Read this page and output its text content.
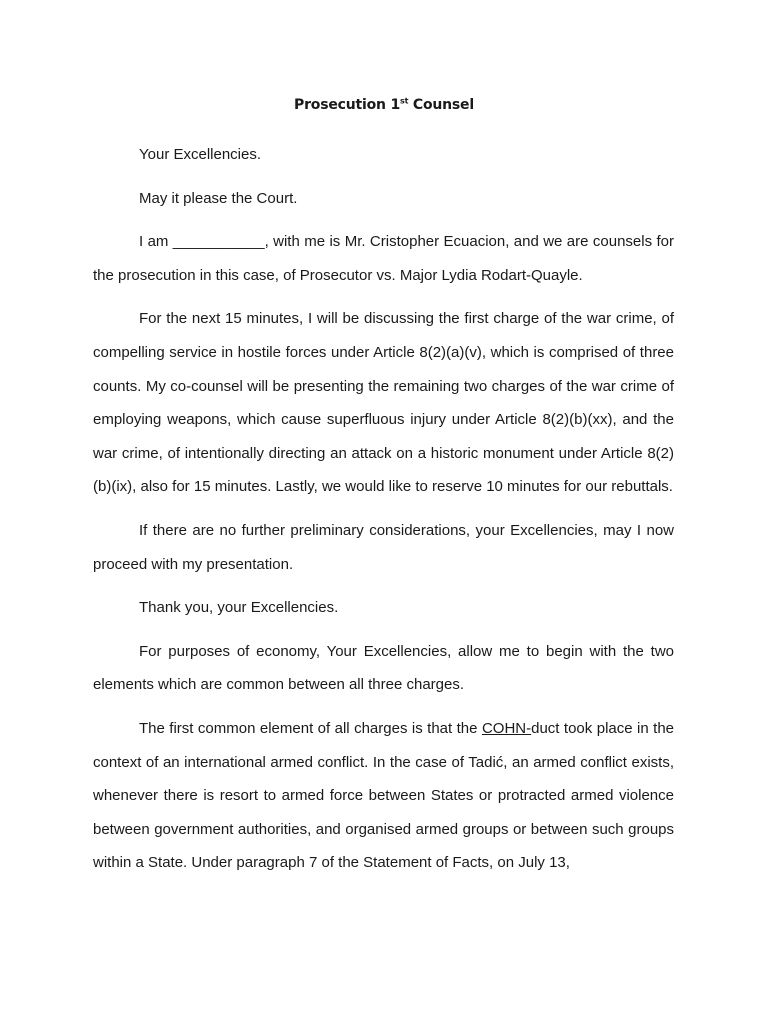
Prosecution 1st Counsel

Your Excellencies.

May it please the Court.

I am ___________, with me is Mr. Cristopher Ecuacion, and we are counsels for the prosecution in this case, of Prosecutor vs. Major Lydia Rodart-Quayle.

For the next 15 minutes, I will be discussing the first charge of the war crime, of compelling service in hostile forces under Article 8(2)(a)(v), which is comprised of three counts. My co-counsel will be presenting the remaining two charges of the war crime of employing weapons, which cause superfluous injury under Article 8(2)(b)(xx), and the war crime, of intentionally directing an attack on a historic monument under Article 8(2)(b)(ix), also for 15 minutes. Lastly, we would like to reserve 10 minutes for our rebuttals.

If there are no further preliminary considerations, your Excellencies, may I now proceed with my presentation.

Thank you, your Excellencies.

For purposes of economy, Your Excellencies, allow me to begin with the two elements which are common between all three charges.

The first common element of all charges is that the COHN-duct took place in the context of an international armed conflict. In the case of Tadić, an armed conflict exists, whenever there is resort to armed force between States or protracted armed violence between government authorities, and organised armed groups or between such groups within a State. Under paragraph 7 of the Statement of Facts, on July 13,
